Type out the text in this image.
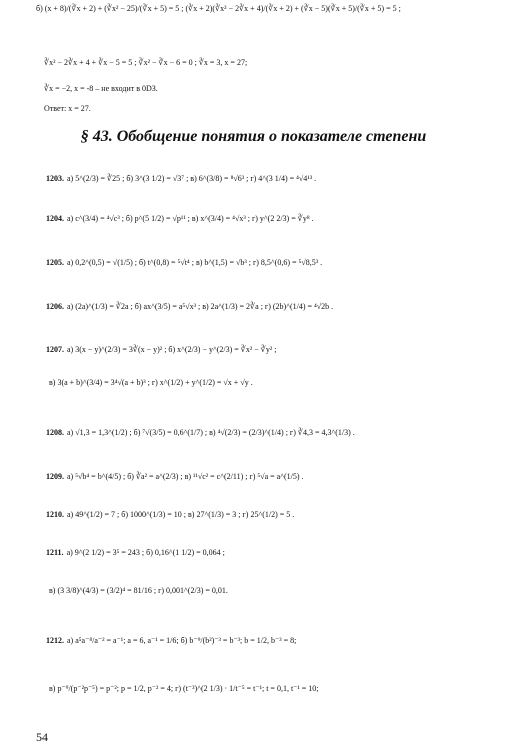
б) (x + 8)/(∛x + 2) + (∛x² − 25)/(∛x + 5) = 5 ; (∛x + 2)(∛x² − 2∛x + 4)/(∛x + 2) + (∛x − 5)(∛x + 5)/(∛x + 5) = 5 ;
∛x² − 2∛x + 4 + ∛x − 5 = 5 ; ∛x² − ∛x − 6 = 0 ; ∛x = 3, x = 27;
∛x = −2, x = -8 – не входит в 0DЗ.
Ответ: x = 27.
§ 43. Обобщение понятия о показателе степени
1203. а) 5^(2/3) = ∛25 ; б) 3^(3 1/2) = √3⁷ ; в) 6^(3/8) = ⁸√6³ ; г) 4^(3 1/4) = ⁴√4¹³ .
1204. а) c^(3/4) = ⁴√c³ ; б) p^(5 1/2) = √p¹¹ ; в) x^(3/4) = ⁴√x³ ; г) y^(2 2/3) = ∛y⁸ .
1205. а) 0,2^(0,5) = √(1/5) ; б) t^(0,8) = ⁵√t⁴ ; в) b^(1,5) = √b³ ; г) 8,5^(0,6) = ⁵√8,5³ .
1206. а) (2a)^(1/3) = ∛2a ; б) ax^(3/5) = a⁵√x³ ; в) 2a^(1/3) = 2∛a ; г) (2b)^(1/4) = ⁴√2b .
1207. а) 3(x − y)^(2/3) = 3∛(x − y)² ; б) x^(2/3) − y^(2/3) = ∛x² − ∛y² ;
в) 3(a + b)^(3/4) = 3⁴√(a + b)³ ; г) x^(1/2) + y^(1/2) = √x + √y .
1208. а) √1,3 = 1,3^(1/2) ; б) ⁷√(3/5) = 0,6^(1/7) ; в) ⁴√(2/3) = (2/3)^(1/4) ; г) ∛4,3 = 4,3^(1/3) .
1209. а) ⁵√b⁴ = b^(4/5) ; б) ∛a² = a^(2/3) ; в) ¹¹√c² = c^(2/11) ; г) ⁵√a = a^(1/5) .
1210. а) 49^(1/2) = 7 ; б) 1000^(1/3) = 10 ; в) 27^(1/3) = 3 ; г) 25^(1/2) = 5 .
1211. а) 9^(2 1/2) = 3⁵ = 243 ; б) 0,16^(1 1/2) = 0,064 ;
в) (3 3/8)^(4/3) = (3/2)⁴ = 81/16 ; г) 0,001^(2/3) = 0,01.
1212. а) a⁵a⁻⁸/a⁻² = a⁻¹; a = 6, a⁻¹ = 1/6; б) b⁻⁹/(b²)⁻³ = b⁻³; b = 1/2, b⁻³ = 8;
в) p⁻⁹/(p⁻²p⁻⁵) = p⁻²; p = 1/2, p⁻² = 4; г) (t⁻³)^(2 1/3) · 1/t⁻⁵ = t⁻¹; t = 0,1, t⁻¹ = 10;
54
